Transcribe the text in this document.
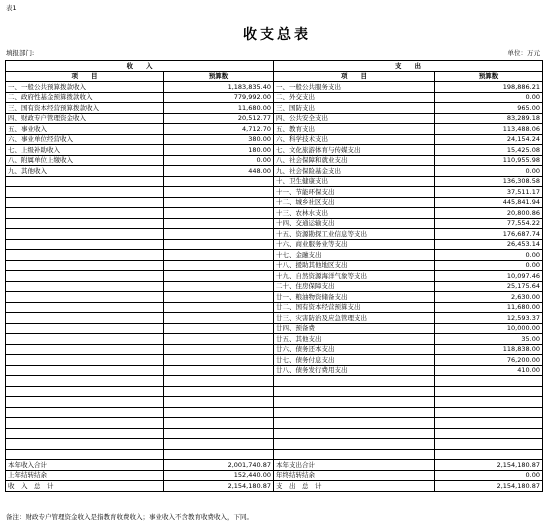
表1
收支总表
填报部门:	单位：万元
收　　入		支　　出	
项　　目	预算数	项　　目	预算数
一、一般公共预算拨款收入	1,183,835.40	一、一般公共服务支出	198,886.21
二、政府性基金预算拨款收入	779,992.00	二、外交支出	0.00
三、国有资本经营预算拨款收入	11,680.00	三、国防支出	965.00
四、财政专户管理资金收入	20,512.77	四、公共安全支出	83,289.18
五、事业收入	4,712.70	五、教育支出	113,488.06
六、事业单位经营收入	380.00	六、科学技术支出	24,154.24
七、上级补助收入	180.00	七、文化旅游体育与传媒支出	15,425.08
八、附属单位上缴收入	0.00	八、社会保障和就业支出	110,955.98
九、其他收入	448.00	九、社会保险基金支出	0.00
		十、卫生健康支出	136,308.58
		十一、节能环保支出	37,511.17
		十二、城乡社区支出	445,841.94
		十三、农林水支出	20,800.86
		十四、交通运输支出	77,554.22
		十五、资源勘探工业信息等支出	176,687.74
		十六、商业服务业等支出	26,453.14
		十七、金融支出	0.00
		十八、援助其他地区支出	0.00
		十九、自然资源海洋气象等支出	10,097.46
		二十、住房保障支出	25,175.64
		廿一、粮油物资储备支出	2,630.00
		廿二、国有资本经营预算支出	11,680.00
		廿三、灾害防治及应急管理支出	12,593.37
		廿四、预备费	10,000.00
		廿五、其他支出	35.00
		廿六、债务还本支出	118,838.00
		廿七、债务付息支出	76,200.00
		廿八、债务发行费用支出	410.00

本年收入合计	2,001,740.87	本年支出合计	2,154,180.87
上年结转结余	152,440.00	年终结转结余	0.00
收　入　总　计	2,154,180.87	支　出　总　计	2,154,180.87
备注：财政专户管理资金收入是指教育收费收入；事业收入不含教育收费收入，下同。
